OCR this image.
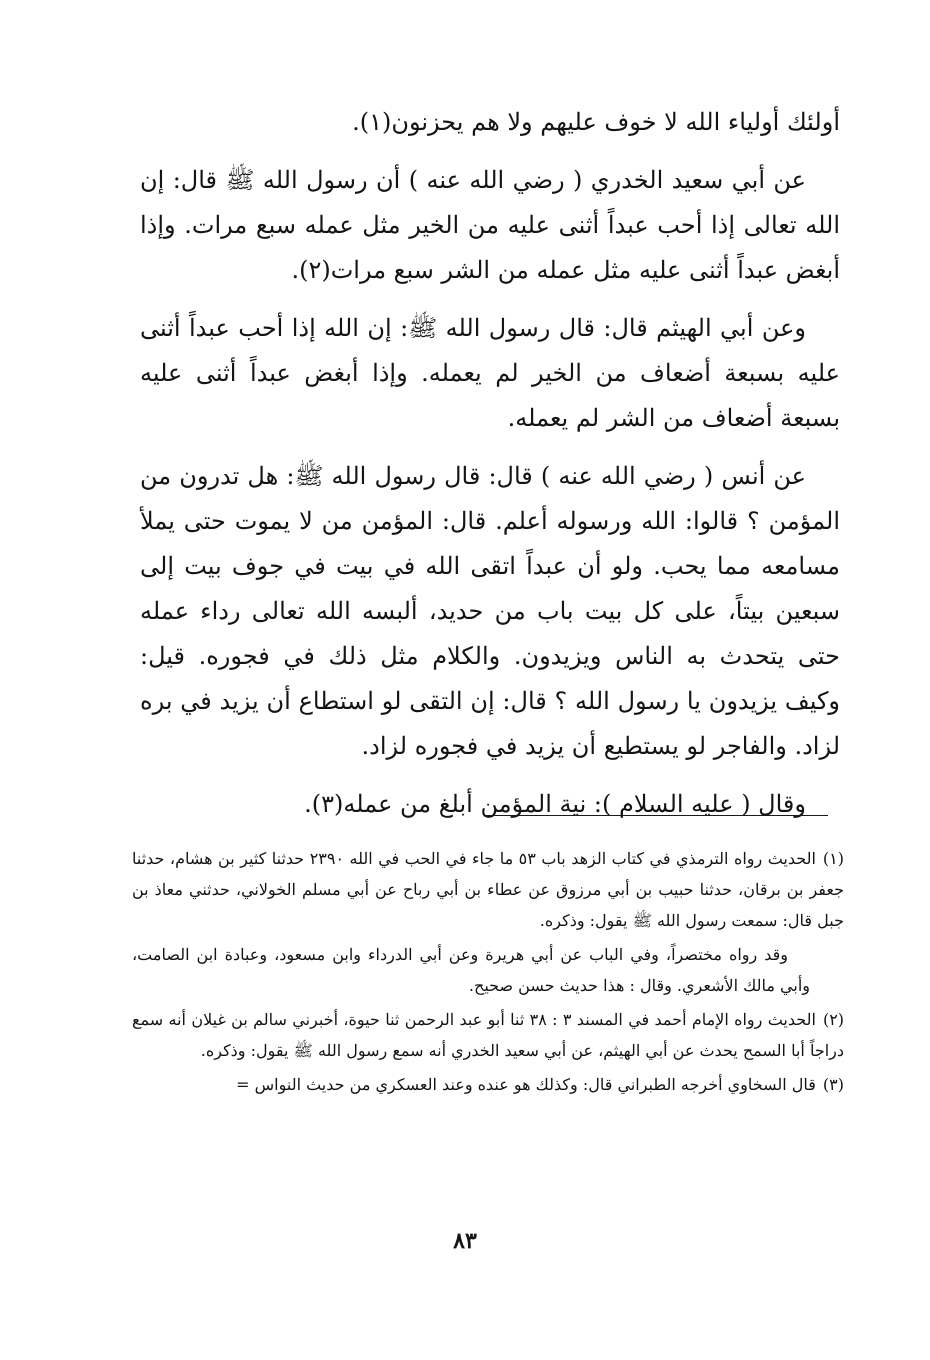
أولئك أولياء الله لا خوف عليهم ولا هم يحزنون(١).

عن أبي سعيد الخدري ( رضي الله عنه ) أن رسول الله ﷺ قال: إن الله تعالى إذا أحب عبداً أثنى عليه من الخير مثل عمله سبع مرات. وإذا أبغض عبداً أثنى عليه مثل عمله من الشر سبع مرات(٢).

وعن أبي الهيثم قال: قال رسول الله ﷺ: إن الله إذا أحب عبداً أثنى عليه بسبعة أضعاف من الخير لم يعمله. وإذا أبغض عبداً أثنى عليه بسبعة أضعاف من الشر لم يعمله.

عن أنس ( رضي الله عنه ) قال: قال رسول الله ﷺ: هل تدرون من المؤمن ؟ قالوا: الله ورسوله أعلم. قال: المؤمن من لا يموت حتى يملأ مسامعه مما يحب. ولو أن عبداً اتقى الله في بيت في جوف بيت إلى سبعين بيتاً، على كل بيت باب من حديد، ألبسه الله تعالى رداء عمله حتى يتحدث به الناس ويزيدون. والكلام مثل ذلك في فجوره. قيل: وكيف يزيدون يا رسول الله ؟ قال: إن التقى لو استطاع أن يزيد في بره لزاد. والفاجر لو يستطيع أن يزيد في فجوره لزاد.

وقال ( عليه السلام ): نية المؤمن أبلغ من عمله(٣).

(١)الحديث رواه الترمذي في كتاب الزهد باب ٥٣ ما جاء في الحب في الله ٢٣٩٠ حدثنا كثير بن هشام، حدثنا جعفر بن برقان، حدثنا حبيب بن أبي مرزوق عن عطاء بن أبي رباح عن أبي مسلم الخولاني، حدثني معاذ بن جبل قال: سمعت رسول الله ﷺ يقول: وذكره.

وقد رواه مختصراً، وفي الباب عن أبي هريرة وعن أبي الدرداء وابن مسعود، وعبادة ابن الصامت، وأبي مالك الأشعري. وقال : هذا حديث حسن صحيح.

(٢)الحديث رواه الإمام أحمد في المسند ٣ : ٣٨ ثنا أبو عبد الرحمن ثنا حيوة، أخبرني سالم بن غيلان أنه سمع دراجاً أبا السمح يحدث عن أبي الهيثم، عن أبي سعيد الخدري أنه سمع رسول الله ﷺ يقول: وذكره.

(٣)قال السخاوي أخرجه الطبراني قال: وكذلك هو عنده وعند العسكري من حديث النواس =

٨٣
